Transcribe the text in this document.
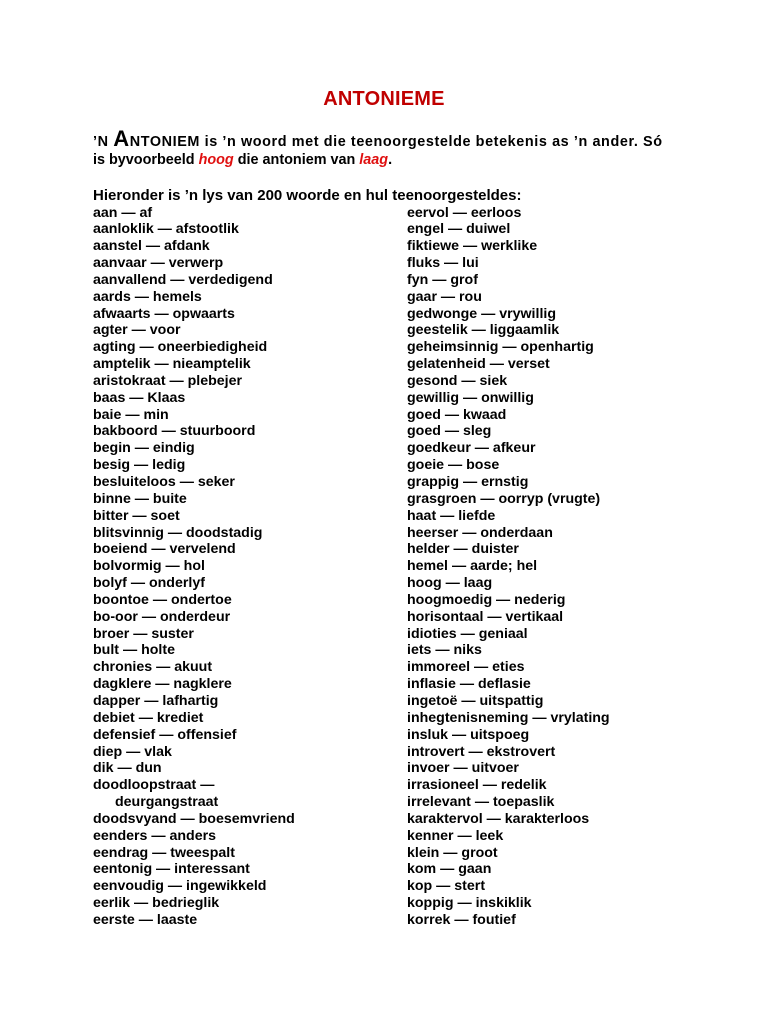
ANTONIEME
’N ANTONIEM is ’n woord met die teenoorgestelde betekenis as ’n ander. Só
is byvoorbeeld hoog die antoniem van laag.
Hieronder is ’n lys van 200 woorde en hul teenoorgesteldes:
aan — af
aanloklik — afstootlik
aanstel — afdank
aanvaar — verwerp
aanvallend — verdedigend
aards — hemels
afwaarts — opwaarts
agter — voor
agting — oneerbiedigheid
amptelik — nieamptelik
aristokraat — plebejer
baas — Klaas
baie — min
bakboord — stuurboord
begin — eindig
besig — ledig
besluiteloos — seker
binne — buite
bitter — soet
blitsvinnig — doodstadig
boeiend — vervelend
bolvormig — hol
bolyf — onderlyf
boontoe — ondertoe
bo-oor — onderdeur
broer — suster
bult — holte
chronies — akuut
dagklere — nagklere
dapper — lafhartig
debiet — krediet
defensief — offensief
diep — vlak
dik — dun
doodloopstraat —
deurgangstraat
doodsvyand — boesemvriend
eenders — anders
eendrag — tweespalt
eentonig — interessant
eenvoudig — ingewikkeld
eerlik — bedrieglik
eerste — laaste
eervol — eerloos
engel — duiwel
fiktiewe — werklike
fluks — lui
fyn — grof
gaar — rou
gedwonge — vrywillig
geestelik — liggaamlik
geheimsinnig — openhartig
gelatenheid — verset
gesond — siek
gewillig — onwillig
goed — kwaad
goed — sleg
goedkeur — afkeur
goeie — bose
grappig — ernstig
grasgroen — oorryp (vrugte)
haat — liefde
heerser — onderdaan
helder — duister
hemel — aarde; hel
hoog — laag
hoogmoedig — nederig
horisontaal — vertikaal
idioties — geniaal
iets — niks
immoreel — eties
inflasie — deflasie
ingetoë — uitspattig
inhegtenisneming — vrylating
insluk — uitspoeg
introvert — ekstrovert
invoer — uitvoer
irrasioneel — redelik
irrelevant — toepaslik
karaktervol — karakterloos
kenner — leek
klein — groot
kom — gaan
kop — stert
koppig — inskiklik
korrek — foutief
